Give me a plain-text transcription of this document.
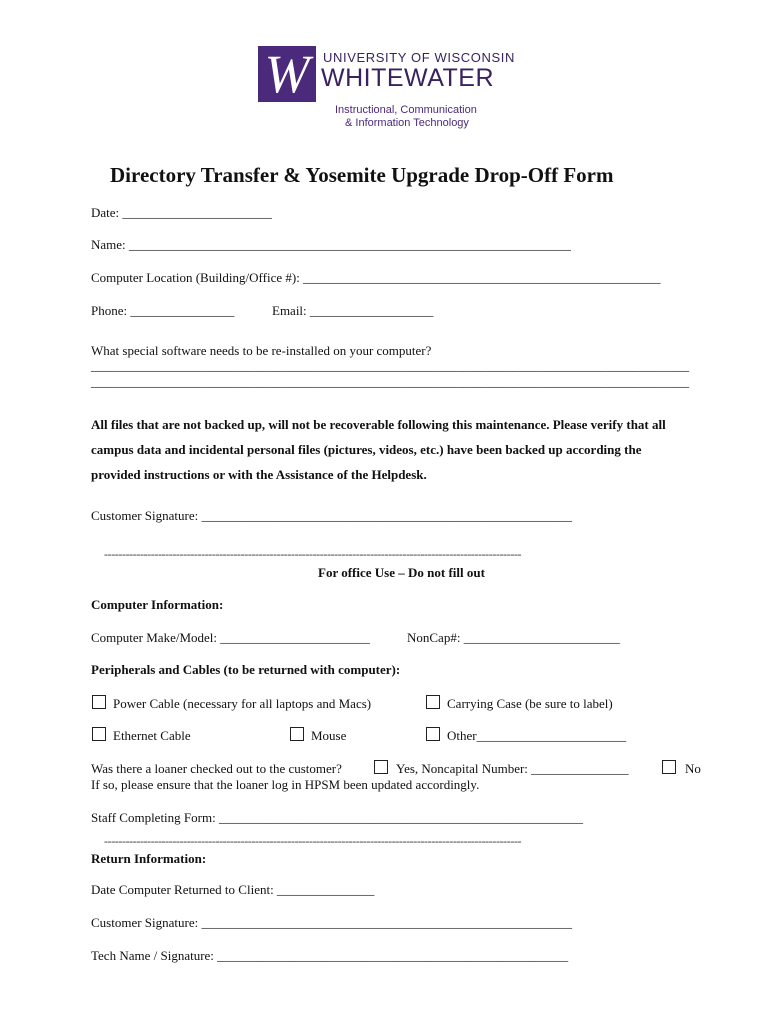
W	UNIVERSITY OF WISCONSIN
WHITEWATER
Instructional, Communication
& Information Technology
Directory Transfer & Yosemite Upgrade Drop-Off Form
Date: _______________________
Name: ____________________________________________________________________
Computer Location (Building/Office #): _______________________________________________________
Phone: ________________	Email: ___________________
What special software needs to be re-installed on your computer?
_______________________________________________________________________________________________
_______________________________________________________________________________________________
All files that are not backed up, will not be recoverable following this maintenance. Please verify that all
campus data and incidental personal files (pictures, videos, etc.) have been backed up according the
provided instructions or with the Assistance of the Helpdesk.
Customer Signature: _________________________________________________________
--------------------------------------------------------------------------------------------------------------------
For office Use – Do not fill out
Computer Information:
Computer Make/Model: _______________________	NonCap#: ________________________
Peripherals and Cables (to be returned with computer):
Power Cable (necessary for all laptops and Macs)	Carrying Case (be sure to label)
Ethernet Cable	Mouse	Other_______________________
Was there a loaner checked out to the customer?	Yes, Noncapital Number: _______________	No
If so, please ensure that the loaner log in HPSM been updated accordingly.
Staff Completing Form: ________________________________________________________
--------------------------------------------------------------------------------------------------------------------
Return Information:
Date Computer Returned to Client: _______________
Customer Signature: _________________________________________________________
Tech Name / Signature: ______________________________________________________
